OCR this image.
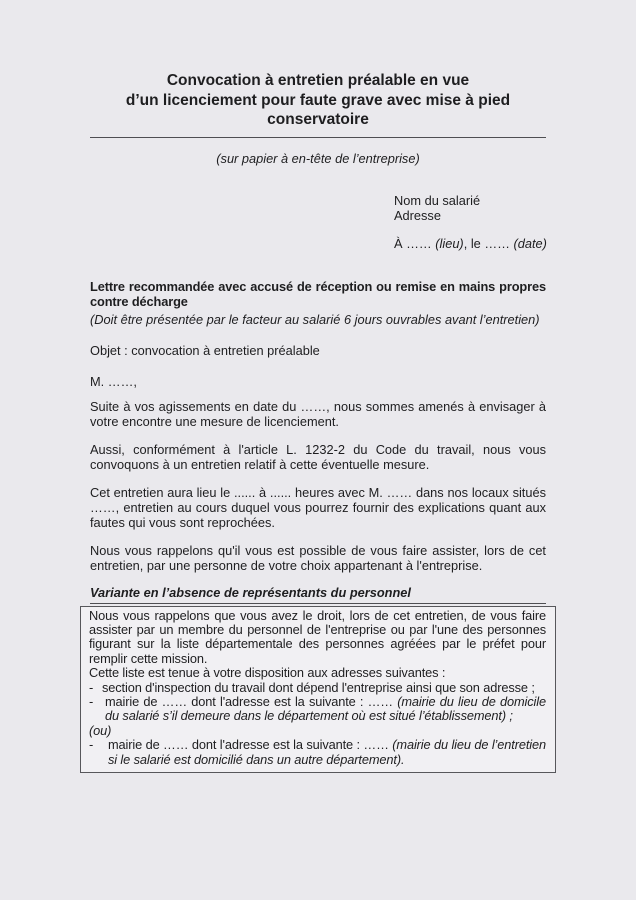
Convocation à entretien préalable en vue
d’un licenciement pour faute grave avec mise à pied
conservatoire
(sur papier à en-tête de l’entreprise)
Nom du salarié
Adresse
À …… (lieu), le …… (date)

Lettre recommandée avec accusé de réception ou remise en mains propres contre décharge

(Doit être présentée par le facteur au salarié 6 jours ouvrables avant l’entretien)

Objet : convocation à entretien préalable

M. ……,

Suite à vos agissements en date du ……, nous sommes amenés à envisager à votre encontre une mesure de licenciement.

Aussi, conformément à l'article L. 1232-2 du Code du travail, nous vous convoquons à un entretien relatif à cette éventuelle mesure.

Cet entretien aura lieu le ...... à ...... heures avec M. …… dans nos locaux situés ……, entretien au cours duquel vous pourrez fournir des explications quant aux fautes qui vous sont reprochées.

Nous vous rappelons qu'il vous est possible de vous faire assister, lors de cet entretien, par une personne de votre choix appartenant à l'entreprise.

Variante en l’absence de représentants du personnel

Nous vous rappelons que vous avez le droit, lors de cet entretien, de vous faire assister par un membre du personnel de l'entreprise ou par l'une des personnes figurant sur la liste départementale des personnes agréées par le préfet pour remplir cette mission.

Cette liste est tenue à votre disposition aux adresses suivantes :
- section d'inspection du travail dont dépend l'entreprise ainsi que son adresse ;
- mairie de …… dont l'adresse est la suivante : …… (mairie du lieu de domicile du salarié s’il demeure dans le département où est situé l’établissement) ;
(ou)
-	mairie de …… dont l'adresse est la suivante : …… (mairie du lieu de l’entretien si le salarié est domicilié dans un autre département).
